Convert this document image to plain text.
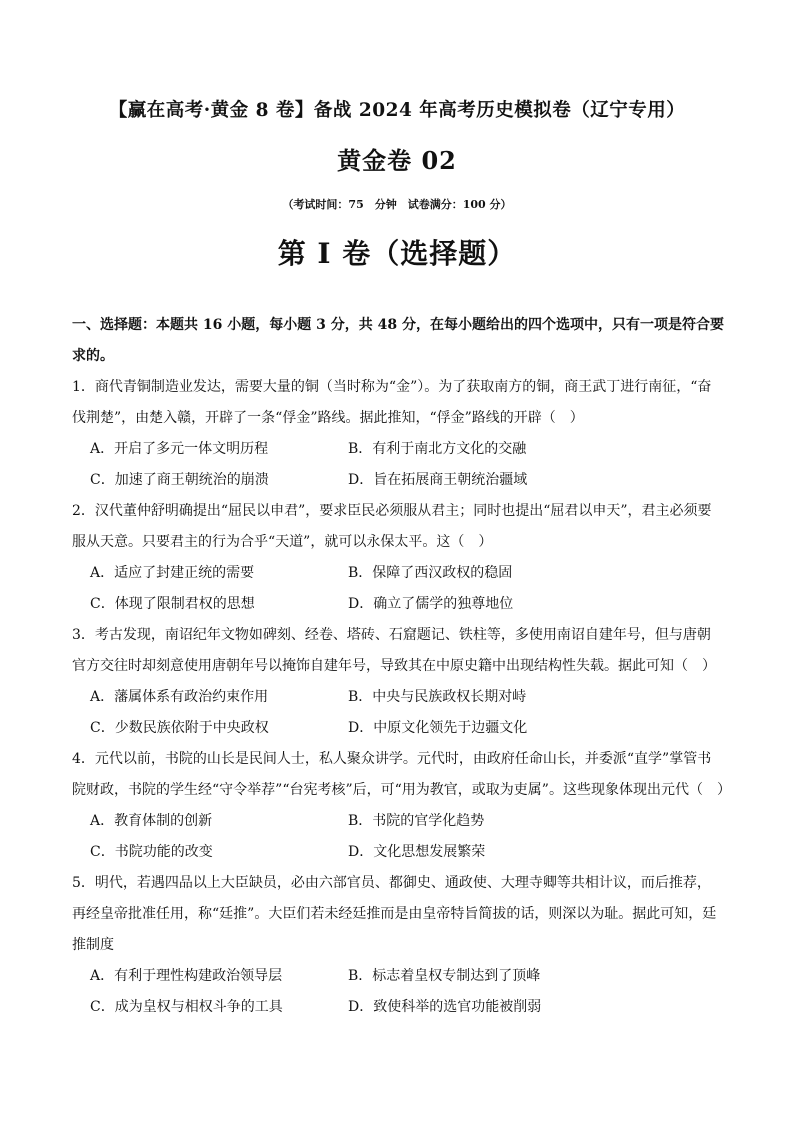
【赢在高考·黄金 8 卷】备战 2024 年高考历史模拟卷（辽宁专用）
黄金卷 02
（考试时间：75　分钟　试卷满分：100 分）
第 I 卷（选择题）

一、选择题：本题共 16 小题，每小题 3 分，共 48 分，在每小题给出的四个选项中，只有一项是符合要求的。

1．商代青铜制造业发达，需要大量的铜（当时称为“金”）。为了获取南方的铜，商王武丁进行南征，“奋伐荆楚”，由楚入赣，开辟了一条“俘金”路线。据此推知，“俘金”路线的开辟（　）

A．开启了多元一体文明历程	B．有利于南北方文化的交融
C．加速了商王朝统治的崩溃	D．旨在拓展商王朝统治疆域

2．汉代董仲舒明确提出“屈民以申君”，要求臣民必须服从君主；同时也提出“屈君以申天”，君主必须要服从天意。只要君主的行为合乎“天道”，就可以永保太平。这（　）

A．适应了封建正统的需要	B．保障了西汉政权的稳固
C．体现了限制君权的思想	D．确立了儒学的独尊地位

3．考古发现，南诏纪年文物如碑刻、经卷、塔砖、石窟题记、铁柱等，多使用南诏自建年号，但与唐朝官方交往时却刻意使用唐朝年号以掩饰自建年号，导致其在中原史籍中出现结构性失载。据此可知（　）

A．藩属体系有政治约束作用	B．中央与民族政权长期对峙
C．少数民族依附于中央政权	D．中原文化领先于边疆文化

4．元代以前，书院的山长是民间人士，私人聚众讲学。元代时，由政府任命山长，并委派“直学”掌管书院财政，书院的学生经“守令举荐”“台宪考核”后，可“用为教官，或取为吏属”。这些现象体现出元代（　）

A．教育体制的创新	B．书院的官学化趋势
C．书院功能的改变	D．文化思想发展繁荣

5．明代，若遇四品以上大臣缺员，必由六部官员、都御史、通政使、大理寺卿等共相计议，而后推荐，再经皇帝批准任用，称“廷推”。大臣们若未经廷推而是由皇帝特旨简拔的话，则深以为耻。据此可知，廷推制度

A．有利于理性构建政治领导层	B．标志着皇权专制达到了顶峰
C．成为皇权与相权斗争的工具	D．致使科举的选官功能被削弱
